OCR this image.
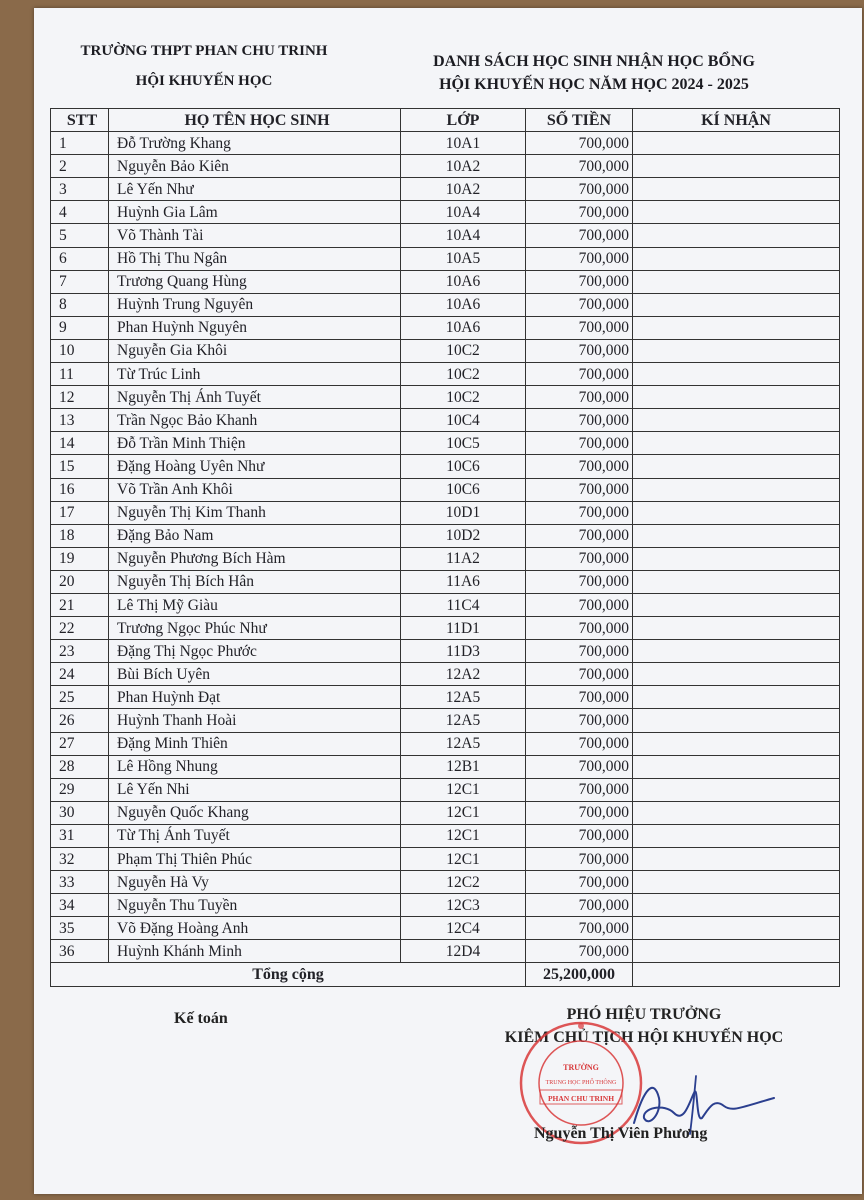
TRƯỜNG THPT PHAN CHU TRINH
HỘI KHUYẾN HỌC
DANH SÁCH HỌC SINH NHẬN HỌC BỔNG
HỘI KHUYẾN HỌC NĂM HỌC 2024 - 2025
STT	HỌ TÊN HỌC SINH	LỚP	SỐ TIỀN	KÍ NHẬN
1	Đỗ Trường Khang	10A1	700,000	
2	Nguyễn Bảo Kiên	10A2	700,000	
3	Lê Yến Như	10A2	700,000	
4	Huỳnh Gia Lâm	10A4	700,000	
5	Võ Thành Tài	10A4	700,000	
6	Hồ Thị Thu Ngân	10A5	700,000	
7	Trương Quang Hùng	10A6	700,000	
8	Huỳnh Trung Nguyên	10A6	700,000	
9	Phan Huỳnh Nguyên	10A6	700,000	
10	Nguyễn Gia Khôi	10C2	700,000	
11	Từ Trúc Linh	10C2	700,000	
12	Nguyễn Thị Ánh Tuyết	10C2	700,000	
13	Trần Ngọc Bảo Khanh	10C4	700,000	
14	Đỗ Trần Minh Thiện	10C5	700,000	
15	Đặng Hoàng Uyên Như	10C6	700,000	
16	Võ Trần Anh Khôi	10C6	700,000	
17	Nguyễn Thị Kim Thanh	10D1	700,000	
18	Đặng Bảo Nam	10D2	700,000	
19	Nguyễn Phương Bích Hàm	11A2	700,000	
20	Nguyễn Thị Bích Hân	11A6	700,000	
21	Lê Thị Mỹ Giàu	11C4	700,000	
22	Trương Ngọc Phúc Như	11D1	700,000	
23	Đặng Thị Ngọc Phước	11D3	700,000	
24	Bùi Bích Uyên	12A2	700,000	
25	Phan Huỳnh Đạt	12A5	700,000	
26	Huỳnh Thanh Hoài	12A5	700,000	
27	Đặng Minh Thiên	12A5	700,000	
28	Lê Hồng Nhung	12B1	700,000	
29	Lê Yến Nhi	12C1	700,000	
30	Nguyễn Quốc Khang	12C1	700,000	
31	Từ Thị Ánh Tuyết	12C1	700,000	
32	Phạm Thị Thiên Phúc	12C1	700,000	
33	Nguyễn Hà Vy	12C2	700,000	
34	Nguyễn Thu Tuyền	12C3	700,000	
35	Võ Đặng Hoàng Anh	12C4	700,000	
36	Huỳnh Khánh Minh	12D4	700,000	
Tổng cộng			25,200,000	
Kế toán	PHÓ HIỆU TRƯỞNG
KIÊM CHỦ TỊCH HỘI KHUYẾN HỌC
TRƯỜNG
TRUNG HỌC PHỔ THÔNG
PHAN CHU TRINH
Nguyễn Thị Viên Phương
